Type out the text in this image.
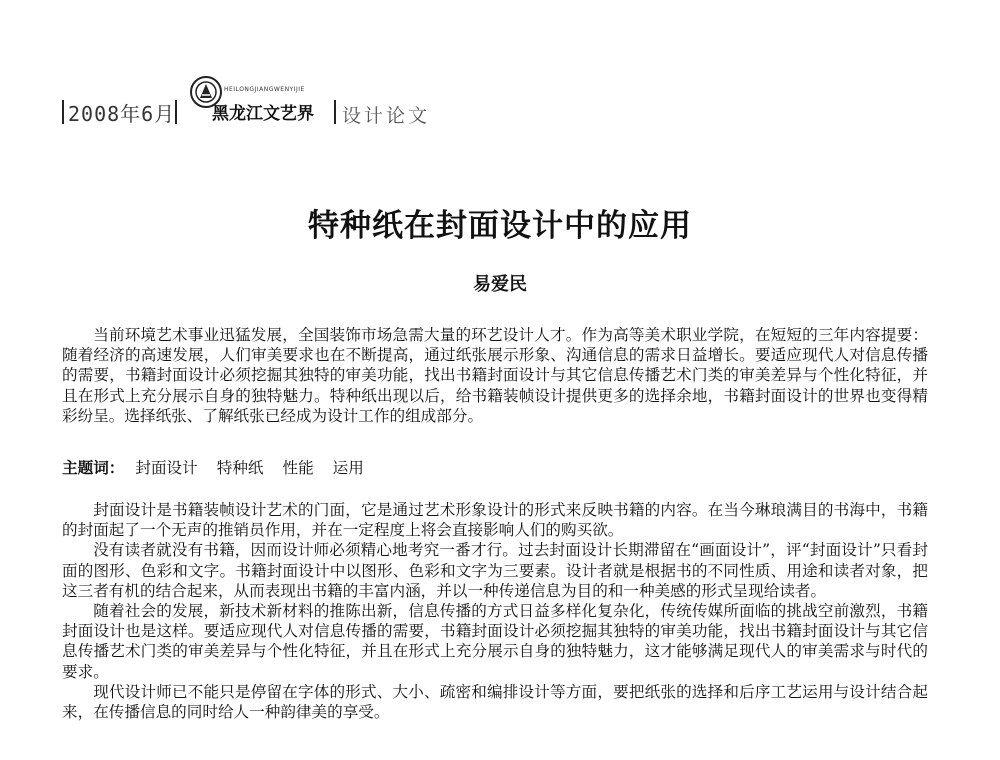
2008年6月
HEILONGJIANGWENYIJIE
黑龙江文艺界 设计论文
特种纸在封面设计中的应用
易爱民

当前环境艺术事业迅猛发展，全国装饰市场急需大量的环艺设计人才。作为高等美术职业学院，在短短的三年内容提要：随着经济的高速发展，人们审美要求也在不断提高，通过纸张展示形象、沟通信息的需求日益增长。要适应现代人对信息传播的需要，书籍封面设计必须挖掘其独特的审美功能，找出书籍封面设计与其它信息传播艺术门类的审美差异与个性化特征，并且在形式上充分展示自身的独特魅力。特种纸出现以后，给书籍装帧设计提供更多的选择余地，书籍封面设计的世界也变得精彩纷呈。选择纸张、了解纸张已经成为设计工作的组成部分。

主题词： 封面设计 特种纸 性能 运用

封面设计是书籍装帧设计艺术的门面，它是通过艺术形象设计的形式来反映书籍的内容。在当今琳琅满目的书海中，书籍的封面起了一个无声的推销员作用，并在一定程度上将会直接影响人们的购买欲。

没有读者就没有书籍，因而设计师必须精心地考究一番才行。过去封面设计长期滞留在“画面设计”，评“封面设计”只看封面的图形、色彩和文字。书籍封面设计中以图形、色彩和文字为三要素。设计者就是根据书的不同性质、用途和读者对象，把这三者有机的结合起来，从而表现出书籍的丰富内涵，并以一种传递信息为目的和一种美感的形式呈现给读者。

随着社会的发展，新技术新材料的推陈出新，信息传播的方式日益多样化复杂化，传统传媒所面临的挑战空前激烈，书籍封面设计也是这样。要适应现代人对信息传播的需要，书籍封面设计必须挖掘其独特的审美功能，找出书籍封面设计与其它信息传播艺术门类的审美差异与个性化特征，并且在形式上充分展示自身的独特魅力，这才能够满足现代人的审美需求与时代的要求。

现代设计师已不能只是停留在字体的形式、大小、疏密和编排设计等方面，要把纸张的选择和后序工艺运用与设计结合起来，在传播信息的同时给人一种韵律美的享受。
